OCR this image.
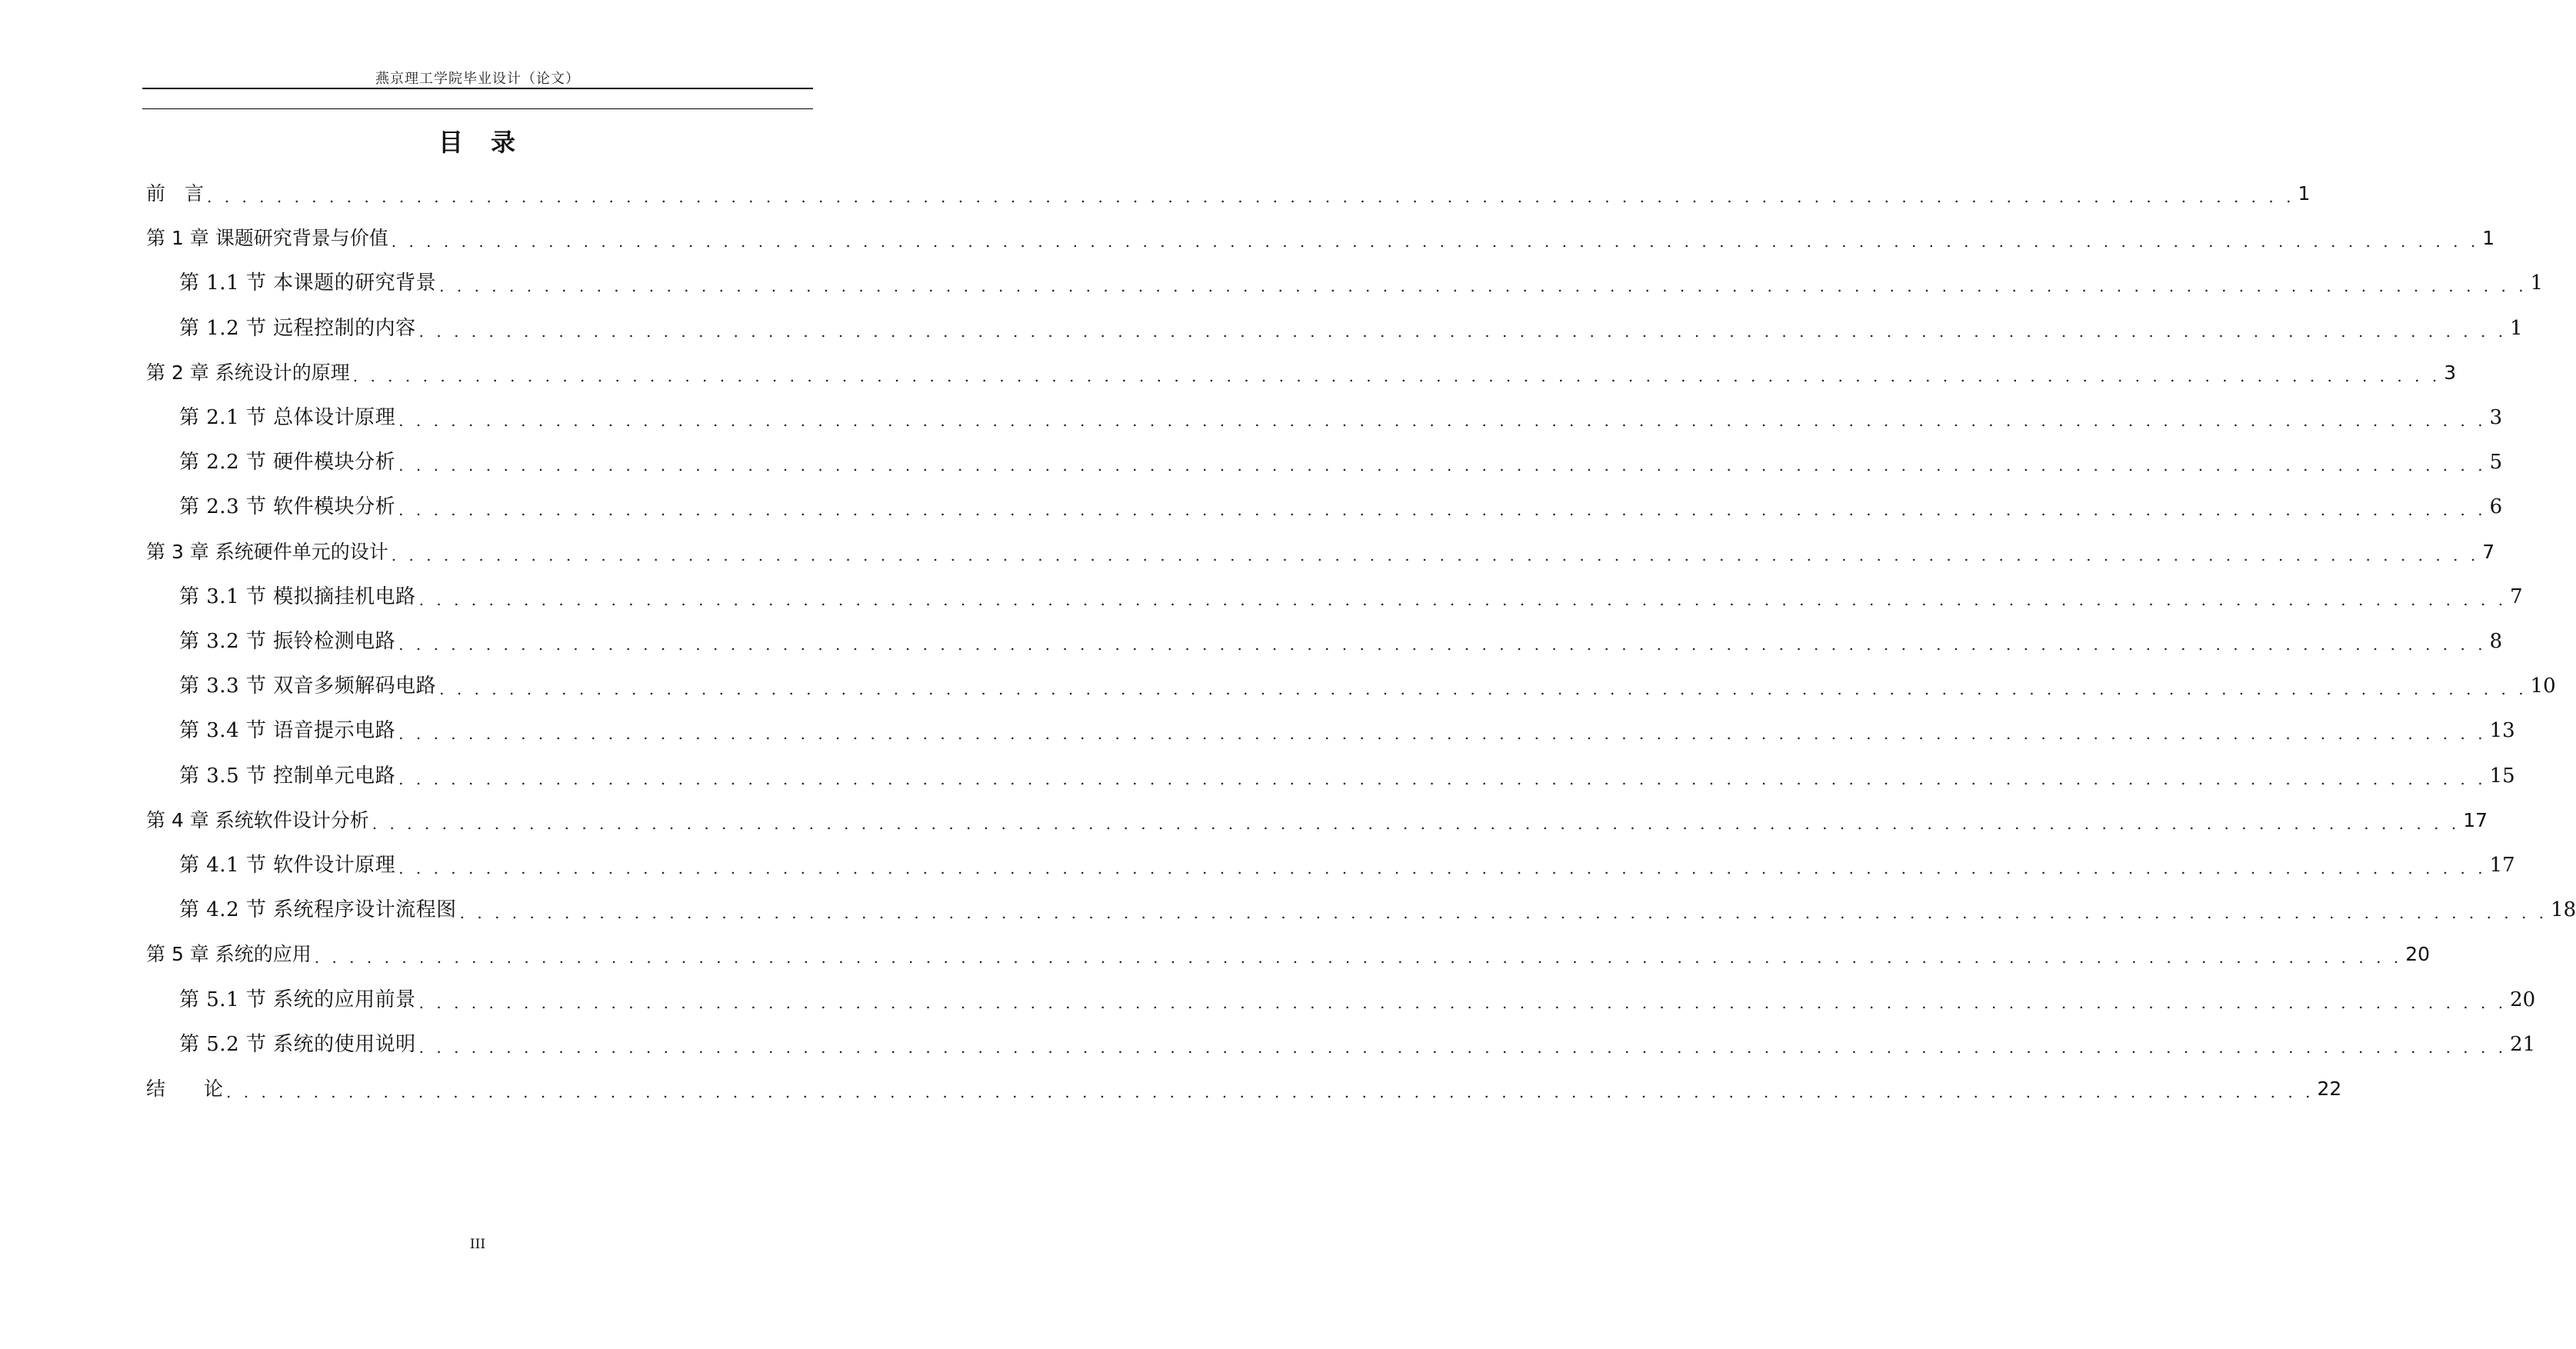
燕京理工学院毕业设计（论文）
目　录
前　言 . . . . . . . . . . . . . . . . . . . . . . . . . . . . . . . . . . . . . . . . . . . . . . . . . . . . . . . . . . . . . . . . . . . . . . . . . . . . . . . . . . . . . . . . . . . . . . . . . . . . . . . . . . . . . . . . . . . . . . . . 1
第 1 章 课题研究背景与价值 . . . . . . . . . . . . . . . . . . . . . . . . . . . . . . . . . . . . . . . . . . . . . . . . . . . . . . . . . . . . . . . . . . . . . . . . . . . . . . . . . . . . . . . . . . . . . . . . . . . . . . . . . . . . . . . . . . . . . . . . 1
第 1.1 节 本课题的研究背景 . . . . . . . . . . . . . . . . . . . . . . . . . . . . . . . . . . . . . . . . . . . . . . . . . . . . . . . . . . . . . . . . . . . . . . . . . . . . . . . . . . . . . . . . . . . . . . . . . . . . . . . . . . . . . . . . . . . . . . . . 1
第 1.2 节 远程控制的内容 . . . . . . . . . . . . . . . . . . . . . . . . . . . . . . . . . . . . . . . . . . . . . . . . . . . . . . . . . . . . . . . . . . . . . . . . . . . . . . . . . . . . . . . . . . . . . . . . . . . . . . . . . . . . . . . . . . . . . . . . 1
第 2 章 系统设计的原理 . . . . . . . . . . . . . . . . . . . . . . . . . . . . . . . . . . . . . . . . . . . . . . . . . . . . . . . . . . . . . . . . . . . . . . . . . . . . . . . . . . . . . . . . . . . . . . . . . . . . . . . . . . . . . . . . . . . . . . . . 3
第 2.1 节 总体设计原理 . . . . . . . . . . . . . . . . . . . . . . . . . . . . . . . . . . . . . . . . . . . . . . . . . . . . . . . . . . . . . . . . . . . . . . . . . . . . . . . . . . . . . . . . . . . . . . . . . . . . . . . . . . . . . . . . . . . . . . . . 3
第 2.2 节 硬件模块分析 . . . . . . . . . . . . . . . . . . . . . . . . . . . . . . . . . . . . . . . . . . . . . . . . . . . . . . . . . . . . . . . . . . . . . . . . . . . . . . . . . . . . . . . . . . . . . . . . . . . . . . . . . . . . . . . . . . . . . . . . 5
第 2.3 节 软件模块分析 . . . . . . . . . . . . . . . . . . . . . . . . . . . . . . . . . . . . . . . . . . . . . . . . . . . . . . . . . . . . . . . . . . . . . . . . . . . . . . . . . . . . . . . . . . . . . . . . . . . . . . . . . . . . . . . . . . . . . . . . 6
第 3 章 系统硬件单元的设计 . . . . . . . . . . . . . . . . . . . . . . . . . . . . . . . . . . . . . . . . . . . . . . . . . . . . . . . . . . . . . . . . . . . . . . . . . . . . . . . . . . . . . . . . . . . . . . . . . . . . . . . . . . . . . . . . . . . . . . . . 7
第 3.1 节 模拟摘挂机电路 . . . . . . . . . . . . . . . . . . . . . . . . . . . . . . . . . . . . . . . . . . . . . . . . . . . . . . . . . . . . . . . . . . . . . . . . . . . . . . . . . . . . . . . . . . . . . . . . . . . . . . . . . . . . . . . . . . . . . . . . 7
第 3.2 节 振铃检测电路 . . . . . . . . . . . . . . . . . . . . . . . . . . . . . . . . . . . . . . . . . . . . . . . . . . . . . . . . . . . . . . . . . . . . . . . . . . . . . . . . . . . . . . . . . . . . . . . . . . . . . . . . . . . . . . . . . . . . . . . . 8
第 3.3 节 双音多频解码电路 . . . . . . . . . . . . . . . . . . . . . . . . . . . . . . . . . . . . . . . . . . . . . . . . . . . . . . . . . . . . . . . . . . . . . . . . . . . . . . . . . . . . . . . . . . . . . . . . . . . . . . . . . . . . . . . . . . . . . . . . 10
第 3.4 节 语音提示电路 . . . . . . . . . . . . . . . . . . . . . . . . . . . . . . . . . . . . . . . . . . . . . . . . . . . . . . . . . . . . . . . . . . . . . . . . . . . . . . . . . . . . . . . . . . . . . . . . . . . . . . . . . . . . . . . . . . . . . . . . 13
第 3.5 节 控制单元电路 . . . . . . . . . . . . . . . . . . . . . . . . . . . . . . . . . . . . . . . . . . . . . . . . . . . . . . . . . . . . . . . . . . . . . . . . . . . . . . . . . . . . . . . . . . . . . . . . . . . . . . . . . . . . . . . . . . . . . . . . 15
第 4 章 系统软件设计分析 . . . . . . . . . . . . . . . . . . . . . . . . . . . . . . . . . . . . . . . . . . . . . . . . . . . . . . . . . . . . . . . . . . . . . . . . . . . . . . . . . . . . . . . . . . . . . . . . . . . . . . . . . . . . . . . . . . . . . . . . 17
第 4.1 节 软件设计原理 . . . . . . . . . . . . . . . . . . . . . . . . . . . . . . . . . . . . . . . . . . . . . . . . . . . . . . . . . . . . . . . . . . . . . . . . . . . . . . . . . . . . . . . . . . . . . . . . . . . . . . . . . . . . . . . . . . . . . . . . 17
第 4.2 节 系统程序设计流程图 . . . . . . . . . . . . . . . . . . . . . . . . . . . . . . . . . . . . . . . . . . . . . . . . . . . . . . . . . . . . . . . . . . . . . . . . . . . . . . . . . . . . . . . . . . . . . . . . . . . . . . . . . . . . . . . . . . . . . . . . 18
第 5 章 系统的应用 . . . . . . . . . . . . . . . . . . . . . . . . . . . . . . . . . . . . . . . . . . . . . . . . . . . . . . . . . . . . . . . . . . . . . . . . . . . . . . . . . . . . . . . . . . . . . . . . . . . . . . . . . . . . . . . . . . . . . . . . 20
第 5.1 节 系统的应用前景 . . . . . . . . . . . . . . . . . . . . . . . . . . . . . . . . . . . . . . . . . . . . . . . . . . . . . . . . . . . . . . . . . . . . . . . . . . . . . . . . . . . . . . . . . . . . . . . . . . . . . . . . . . . . . . . . . . . . . . . . 20
第 5.2 节 系统的使用说明 . . . . . . . . . . . . . . . . . . . . . . . . . . . . . . . . . . . . . . . . . . . . . . . . . . . . . . . . . . . . . . . . . . . . . . . . . . . . . . . . . . . . . . . . . . . . . . . . . . . . . . . . . . . . . . . . . . . . . . . . 21
结　　论 . . . . . . . . . . . . . . . . . . . . . . . . . . . . . . . . . . . . . . . . . . . . . . . . . . . . . . . . . . . . . . . . . . . . . . . . . . . . . . . . . . . . . . . . . . . . . . . . . . . . . . . . . . . . . . . . . . . . . . . . 22
III
